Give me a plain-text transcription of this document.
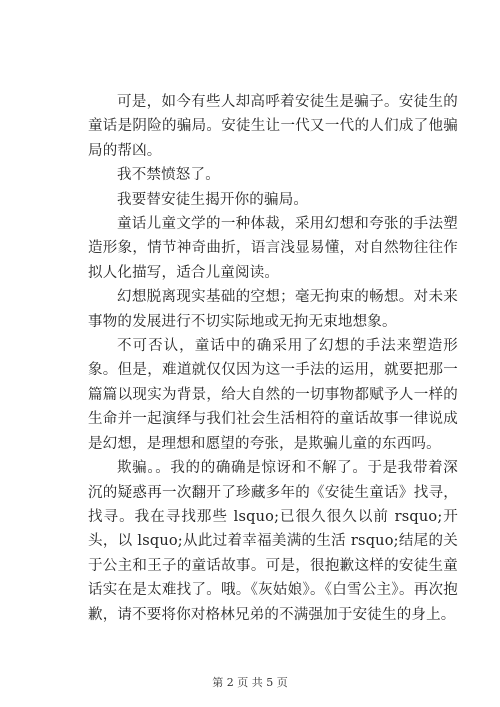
可是，如今有些人却高呼着安徒生是骗子。安徒生的童话是阴险的骗局。安徒生让一代又一代的人们成了他骗局的帮凶。

我不禁愤怒了。

我要替安徒生揭开你的骗局。

童话儿童文学的一种体裁，采用幻想和夸张的手法塑造形象，情节神奇曲折，语言浅显易懂，对自然物往往作拟人化描写，适合儿童阅读。

幻想脱离现实基础的空想；毫无拘束的畅想。对未来事物的发展进行不切实际地或无拘无束地想象。

不可否认，童话中的确采用了幻想的手法来塑造形象。但是，难道就仅仅因为这一手法的运用，就要把那一篇篇以现实为背景，给大自然的一切事物都赋予人一样的生命并一起演绎与我们社会生活相符的童话故事一律说成是幻想，是理想和愿望的夸张，是欺骗儿童的东西吗。

欺骗。。我的的确确是惊讶和不解了。于是我带着深沉的疑惑再一次翻开了珍藏多年的《安徒生童话》找寻，找寻。我在寻找那些 lsquo;已很久很久以前 rsquo;开头，以 lsquo;从此过着幸福美满的生活 rsquo;结尾的关于公主和王子的童话故事。可是，很抱歉这样的安徒生童话实在是太难找了。哦。《灰姑娘》。《白雪公主》。再次抱歉，请不要将你对格林兄弟的不满强加于安徒生的身上。

第 2 页 共 5 页
